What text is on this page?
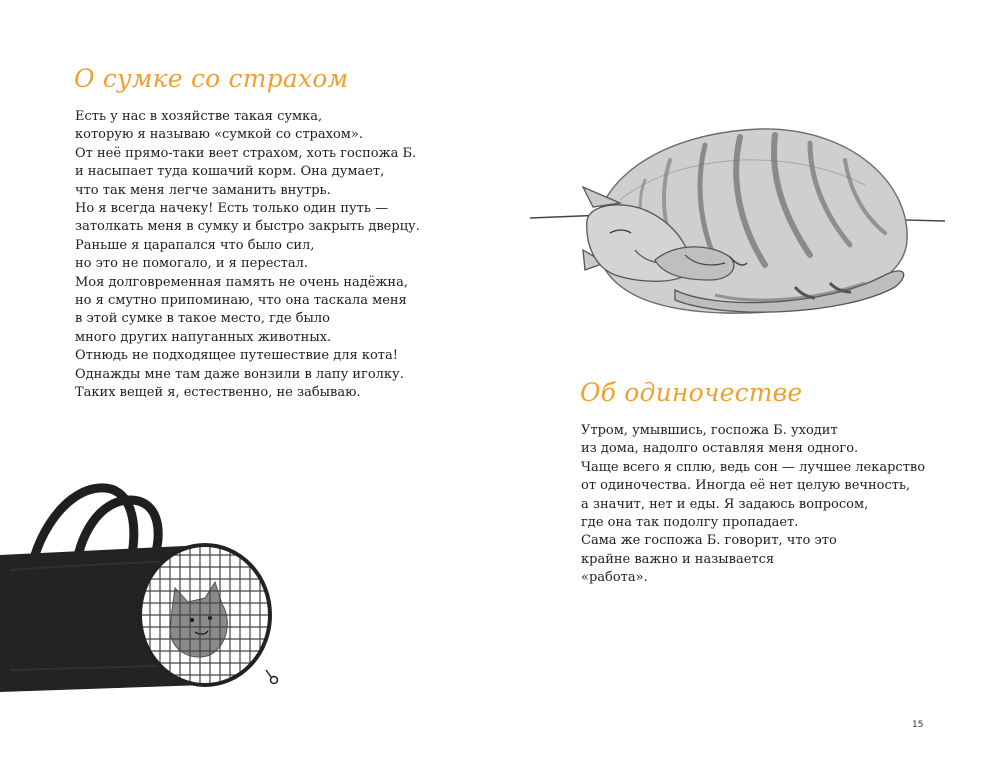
О сумке со страхом
Есть у нас в хозяйстве такая сумка,
которую я называю «сумкой со страхом».
От неё прямо-таки веет страхом, хоть госпожа Б.
и насыпает туда кошачий корм. Она думает,
что так меня легче заманить внутрь.
Но я всегда начеку! Есть только один путь —
затолкать меня в сумку и быстро закрыть дверцу.
Раньше я царапался что было сил,
но это не помогало, и я перестал.
Моя долговременная память не очень надёжна,
но я смутно припоминаю, что она таскала меня
в этой сумке в такое место, где было
много других напуганных животных.
Отнюдь не подходящее путешествие для кота!
Однажды мне там даже вонзили в лапу иголку.
Таких вещей я, естественно, не забываю.	Об одиночестве
Утром, умывшись, госпожа Б. уходит
из дома, надолго оставляя меня одного.
Чаще всего я сплю, ведь сон — лучшее лекарство
от одиночества. Иногда её нет целую вечность,
а значит, нет и еды. Я задаюсь вопросом,
где она так подолгу пропадает.
Сама же госпожа Б. говорит, что это
крайне важно и называется
«работа».
15
